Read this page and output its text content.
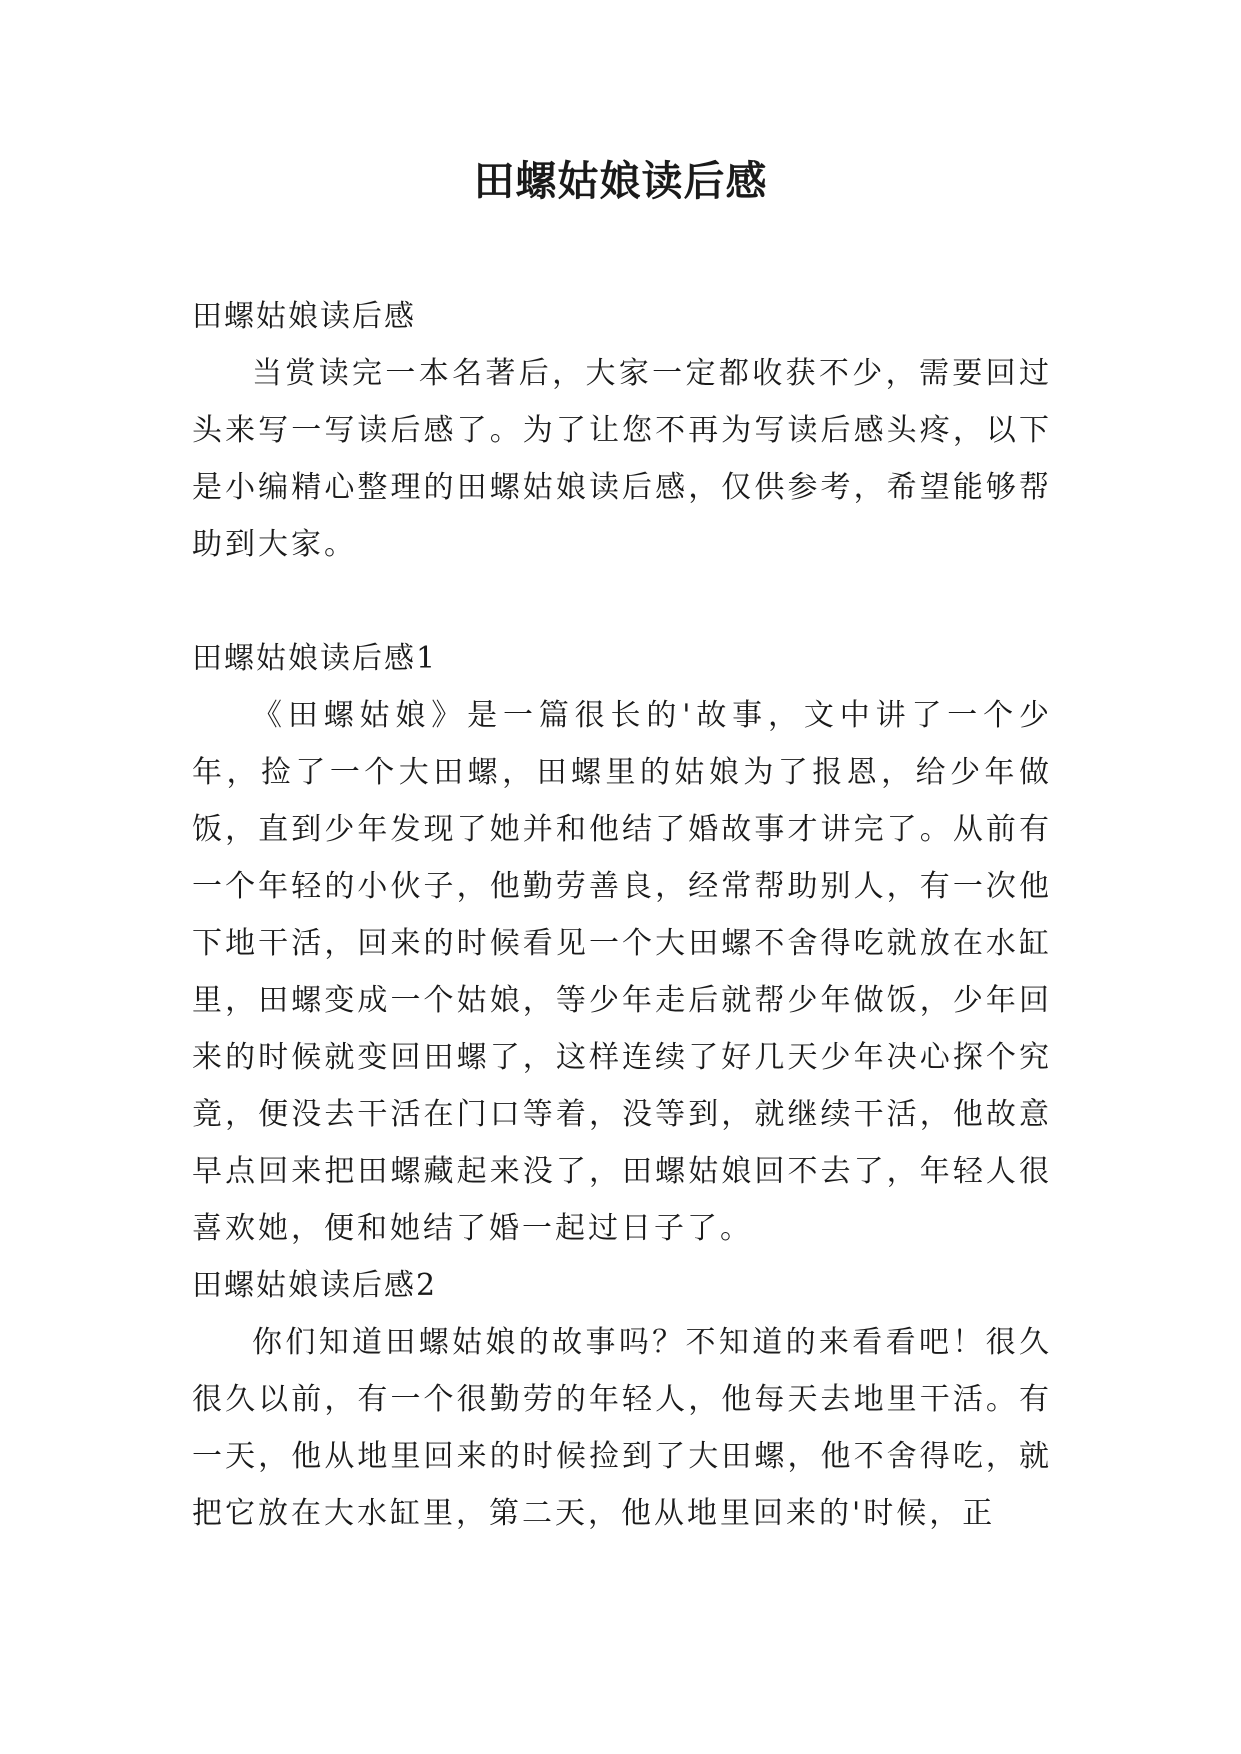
田螺姑娘读后感

田螺姑娘读后感

当赏读完一本名著后，大家一定都收获不少，需要回过头来写一写读后感了。为了让您不再为写读后感头疼，以下是小编精心整理的田螺姑娘读后感，仅供参考，希望能够帮助到大家。

田螺姑娘读后感1

《田螺姑娘》是一篇很长的'故事，文中讲了一个少年，捡了一个大田螺，田螺里的姑娘为了报恩，给少年做饭，直到少年发现了她并和他结了婚故事才讲完了。从前有一个年轻的小伙子，他勤劳善良，经常帮助别人，有一次他下地干活，回来的时候看见一个大田螺不舍得吃就放在水缸里，田螺变成一个姑娘，等少年走后就帮少年做饭，少年回来的时候就变回田螺了，这样连续了好几天少年决心探个究竟，便没去干活在门口等着，没等到，就继续干活，他故意早点回来把田螺藏起来没了，田螺姑娘回不去了，年轻人很喜欢她，便和她结了婚一起过日子了。

田螺姑娘读后感2

你们知道田螺姑娘的故事吗？不知道的来看看吧！很久很久以前，有一个很勤劳的年轻人，他每天去地里干活。有一天，他从地里回来的时候捡到了大田螺，他不舍得吃，就把它放在大水缸里，第二天，他从地里回来的'时候，正
